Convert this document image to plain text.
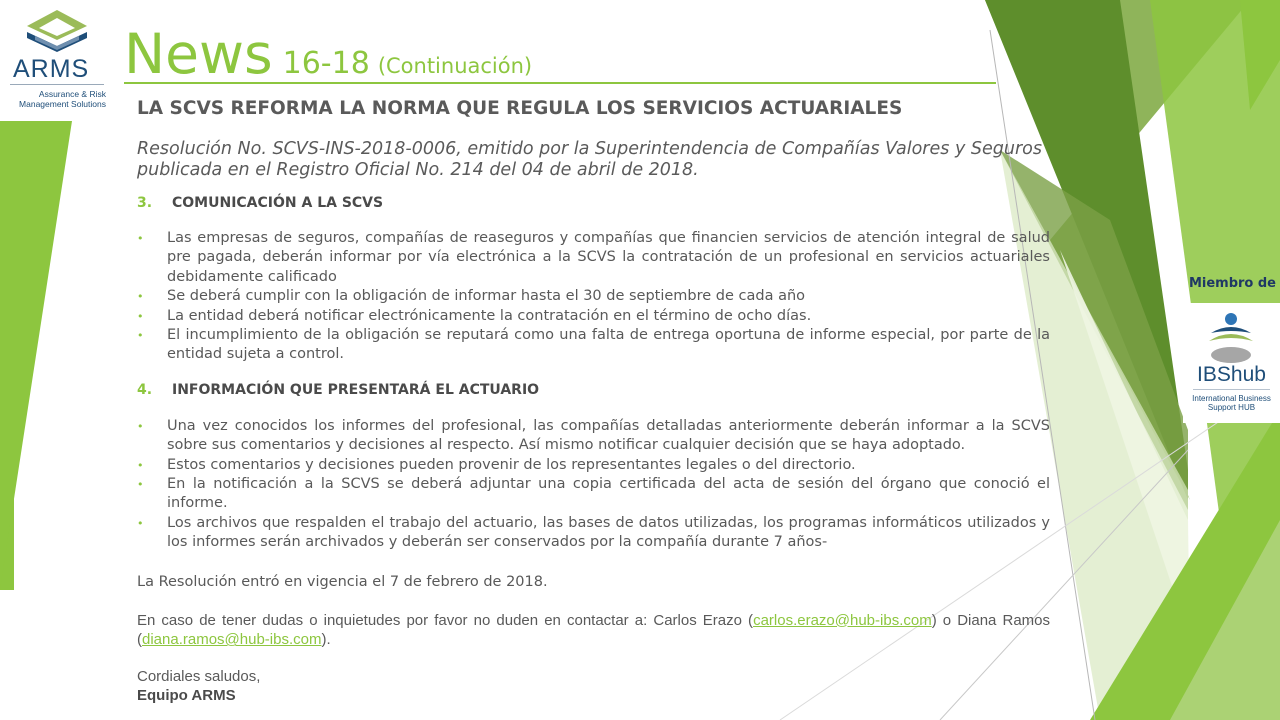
ARMS
Assurance & Risk
Management Solutions
News 16-18 (Continuación)
LA SCVS REFORMA LA NORMA QUE REGULA LOS SERVICIOS ACTUARIALES

Resolución No. SCVS-INS-2018-0006, emitido por la Superintendencia de Compañías Valores y Seguros publicada en el Registro Oficial No. 214 del 04 de abril de 2018.

3. COMUNICACIÓN A LA SCVS
• Las empresas de seguros, compañías de reaseguros y compañías que financien servicios de atención integral de salud pre pagada, deberán informar por vía electrónica a la SCVS la contratación de un profesional en servicios actuariales debidamente calificado
• Se deberá cumplir con la obligación de informar hasta el 30 de septiembre de cada año
• La entidad deberá notificar electrónicamente la contratación en el término de ocho días.
• El incumplimiento de la obligación se reputará como una falta de entrega oportuna de informe especial, por parte de la entidad sujeta a control.
4. INFORMACIÓN QUE PRESENTARÁ EL ACTUARIO
• Una vez conocidos los informes del profesional, las compañías detalladas anteriormente deberán informar a la SCVS sobre sus comentarios y decisiones al respecto. Así mismo notificar cualquier decisión que se haya adoptado.
• Estos comentarios y decisiones pueden provenir de los representantes legales o del directorio.
• En la notificación a la SCVS se deberá adjuntar una copia certificada del acta de sesión del órgano que conoció el informe.
• Los archivos que respalden el trabajo del actuario, las bases de datos utilizadas, los programas informáticos utilizados y los informes serán archivados y deberán ser conservados por la compañía durante 7 años-

La Resolución entró en vigencia el 7 de febrero de 2018.

En caso de tener dudas o inquietudes por favor no duden en contactar a: Carlos Erazo (carlos.erazo@hub-ibs.com) o Diana Ramos (diana.ramos@hub-ibs.com).

Cordiales saludos,

Equipo ARMS

Miembro de
IBShub
International Business
Support HUB
